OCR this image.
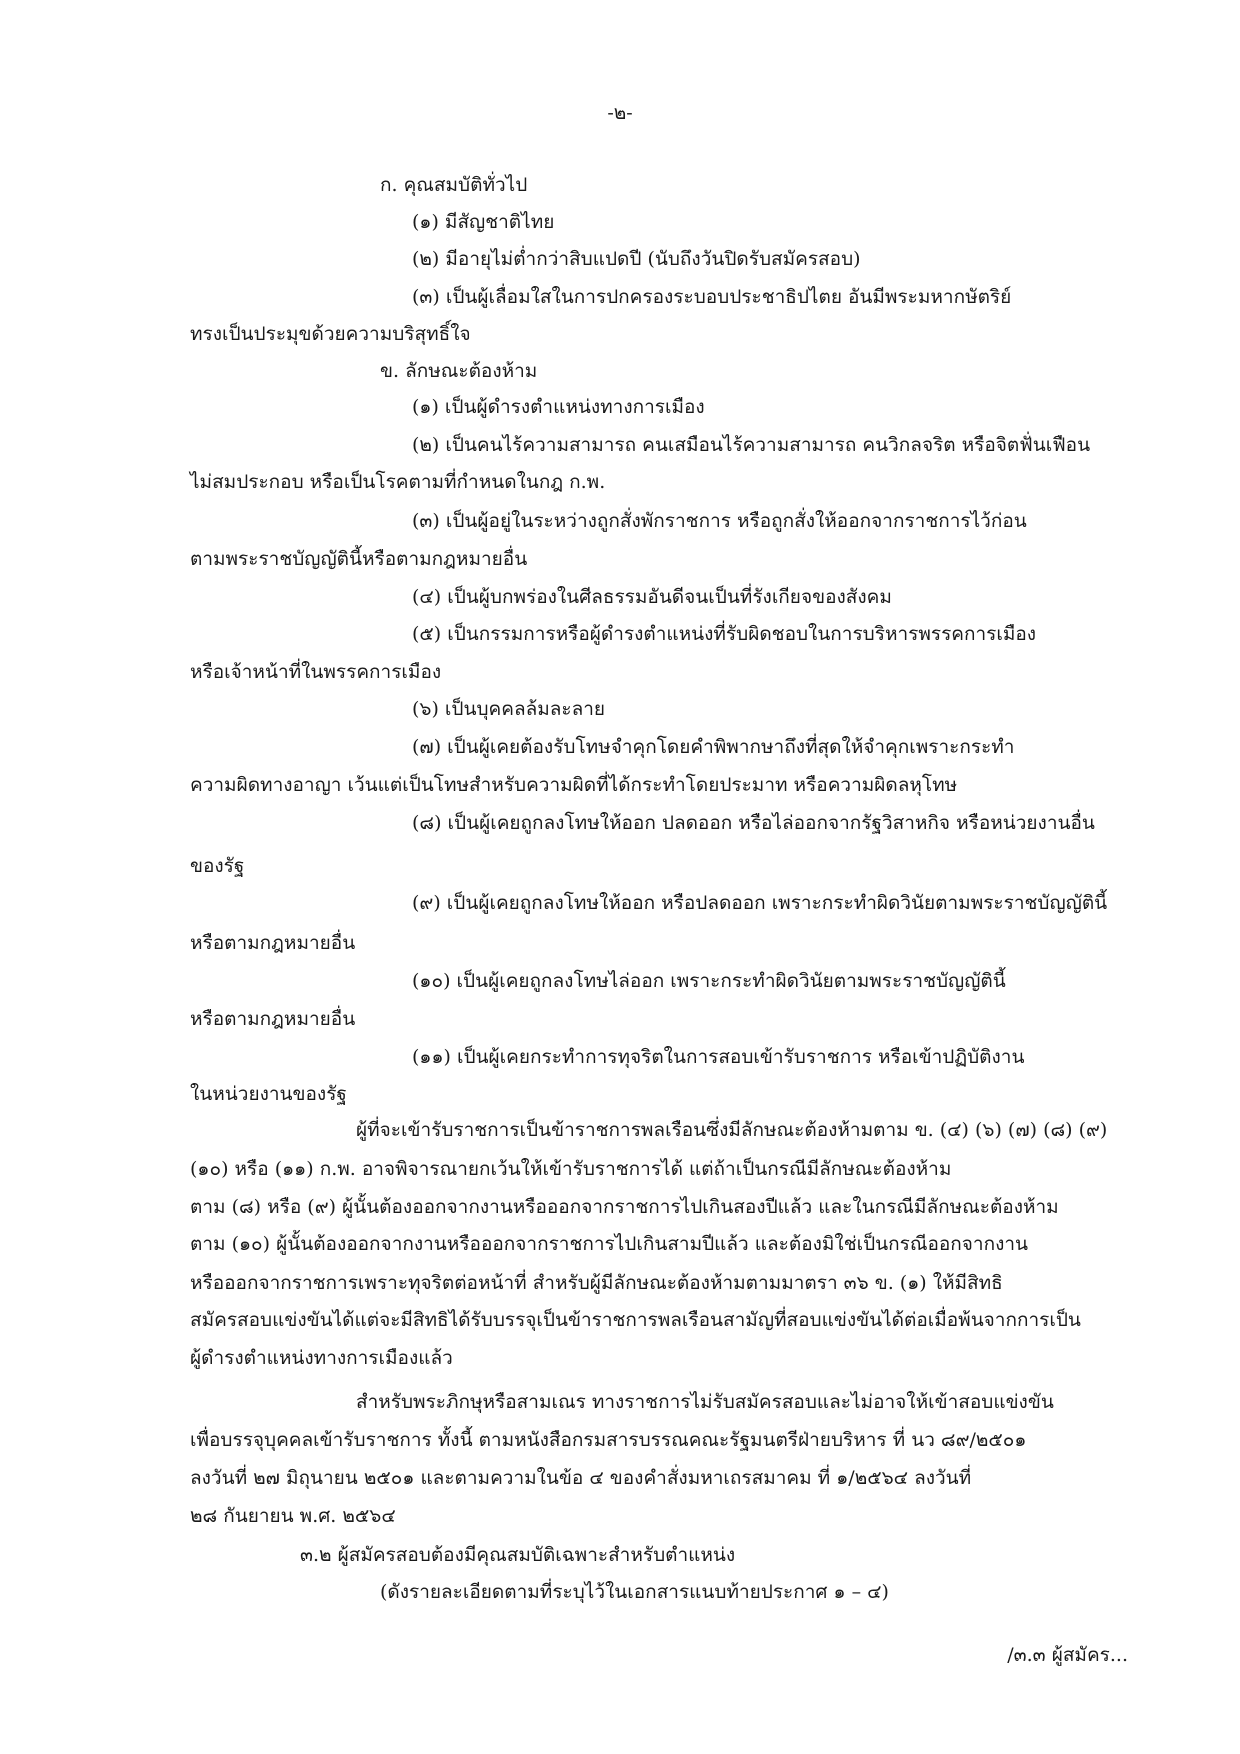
-๒-
ก. คุณสมบัติทั่วไป
(๑) มีสัญชาติไทย
(๒) มีอายุไม่ต่ำกว่าสิบแปดปี (นับถึงวันปิดรับสมัครสอบ)
(๓) เป็นผู้เลื่อมใสในการปกครองระบอบประชาธิปไตย อันมีพระมหากษัตริย์
ทรงเป็นประมุขด้วยความบริสุทธิ์ใจ
ข. ลักษณะต้องห้าม
(๑) เป็นผู้ดำรงตำแหน่งทางการเมือง
(๒) เป็นคนไร้ความสามารถ คนเสมือนไร้ความสามารถ คนวิกลจริต หรือจิตฟั่นเฟือน
ไม่สมประกอบ หรือเป็นโรคตามที่กำหนดในกฎ ก.พ.
(๓) เป็นผู้อยู่ในระหว่างถูกสั่งพักราชการ หรือถูกสั่งให้ออกจากราชการไว้ก่อน
ตามพระราชบัญญัตินี้หรือตามกฎหมายอื่น
(๔) เป็นผู้บกพร่องในศีลธรรมอันดีจนเป็นที่รังเกียจของสังคม
(๕) เป็นกรรมการหรือผู้ดำรงตำแหน่งที่รับผิดชอบในการบริหารพรรคการเมือง
หรือเจ้าหน้าที่ในพรรคการเมือง
(๖) เป็นบุคคลล้มละลาย
(๗) เป็นผู้เคยต้องรับโทษจำคุกโดยคำพิพากษาถึงที่สุดให้จำคุกเพราะกระทำ
ความผิดทางอาญา เว้นแต่เป็นโทษสำหรับความผิดที่ได้กระทำโดยประมาท หรือความผิดลหุโทษ
(๘) เป็นผู้เคยถูกลงโทษให้ออก ปลดออก หรือไล่ออกจากรัฐวิสาหกิจ หรือหน่วยงานอื่น
ของรัฐ
(๙) เป็นผู้เคยถูกลงโทษให้ออก หรือปลดออก เพราะกระทำผิดวินัยตามพระราชบัญญัตินี้
หรือตามกฎหมายอื่น
(๑๐) เป็นผู้เคยถูกลงโทษไล่ออก เพราะกระทำผิดวินัยตามพระราชบัญญัตินี้
หรือตามกฎหมายอื่น
(๑๑) เป็นผู้เคยกระทำการทุจริตในการสอบเข้ารับราชการ หรือเข้าปฏิบัติงาน
ในหน่วยงานของรัฐ
ผู้ที่จะเข้ารับราชการเป็นข้าราชการพลเรือนซึ่งมีลักษณะต้องห้ามตาม ข. (๔) (๖) (๗) (๘) (๙)
(๑๐) หรือ (๑๑) ก.พ. อาจพิจารณายกเว้นให้เข้ารับราชการได้ แต่ถ้าเป็นกรณีมีลักษณะต้องห้าม
ตาม (๘) หรือ (๙) ผู้นั้นต้องออกจากงานหรือออกจากราชการไปเกินสองปีแล้ว และในกรณีมีลักษณะต้องห้าม
ตาม (๑๐) ผู้นั้นต้องออกจากงานหรือออกจากราชการไปเกินสามปีแล้ว และต้องมิใช่เป็นกรณีออกจากงาน
หรือออกจากราชการเพราะทุจริตต่อหน้าที่ สำหรับผู้มีลักษณะต้องห้ามตามมาตรา ๓๖ ข. (๑) ให้มีสิทธิ
สมัครสอบแข่งขันได้แต่จะมีสิทธิได้รับบรรจุเป็นข้าราชการพลเรือนสามัญที่สอบแข่งขันได้ต่อเมื่อพ้นจากการเป็น
ผู้ดำรงตำแหน่งทางการเมืองแล้ว
สำหรับพระภิกษุหรือสามเณร ทางราชการไม่รับสมัครสอบและไม่อาจให้เข้าสอบแข่งขัน
เพื่อบรรจุบุคคลเข้ารับราชการ ทั้งนี้ ตามหนังสือกรมสารบรรณคณะรัฐมนตรีฝ่ายบริหาร ที่ นว ๘๙/๒๕๐๑
ลงวันที่ ๒๗ มิถุนายน ๒๕๐๑ และตามความในข้อ ๔ ของคำสั่งมหาเถรสมาคม ที่ ๑/๒๕๖๔ ลงวันที่
๒๘ กันยายน พ.ศ. ๒๕๖๔
๓.๒ ผู้สมัครสอบต้องมีคุณสมบัติเฉพาะสำหรับตำแหน่ง
(ดังรายละเอียดตามที่ระบุไว้ในเอกสารแนบท้ายประกาศ ๑ – ๔)
/๓.๓ ผู้สมัคร...
